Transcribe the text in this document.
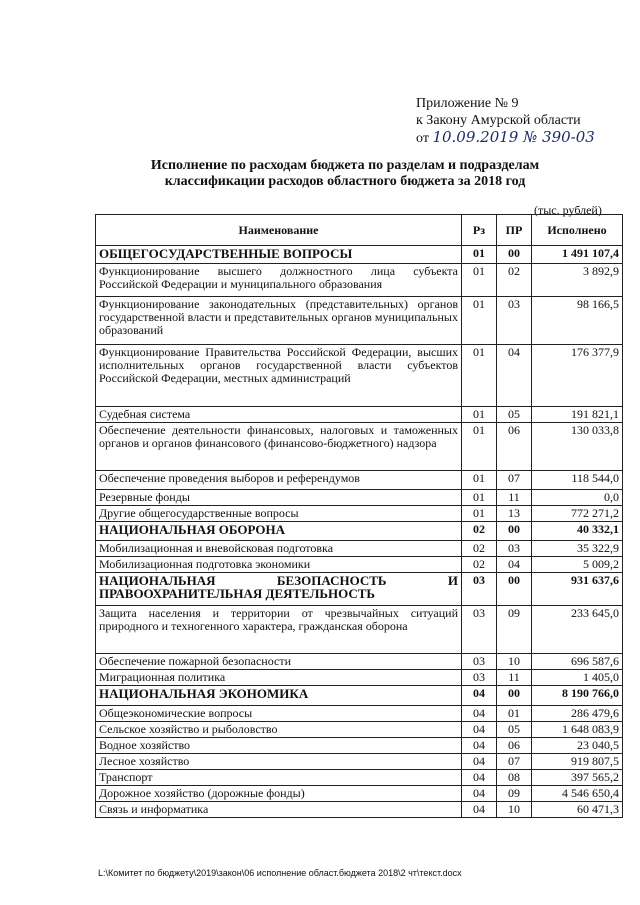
Приложение № 9
к Закону Амурской области
от 10.09.2019 № 390-03
Исполнение по расходам бюджета по разделам и подразделам
классификации расходов областного бюджета за 2018 год
(тыс. рублей)
Наименование	Рз	ПР	Исполнено
ОБЩЕГОСУДАРСТВЕННЫЕ ВОПРОСЫ	01	00	1 491 107,4
Функционирование высшего должностного лица субъекта Российской Федерации и муниципального образования	01	02	3 892,9
Функционирование законодательных (представительных) органов государственной власти и представительных органов муниципальных образований	01	03	98 166,5
Функционирование Правительства Российской Федерации, высших исполнительных органов государственной власти субъектов Российской Федерации, местных администраций	01	04	176 377,9
Судебная система	01	05	191 821,1
Обеспечение деятельности финансовых, налоговых и таможенных органов и органов финансового (финансово-бюджетного) надзора	01	06	130 033,8
Обеспечение проведения выборов и референдумов	01	07	118 544,0
Резервные фонды	01	11	0,0
Другие общегосударственные вопросы	01	13	772 271,2
НАЦИОНАЛЬНАЯ ОБОРОНА	02	00	40 332,1
Мобилизационная и вневойсковая подготовка	02	03	35 322,9
Мобилизационная подготовка экономики	02	04	5 009,2
НАЦИОНАЛЬНАЯ БЕЗОПАСНОСТЬ И ПРАВООХРАНИТЕЛЬНАЯ ДЕЯТЕЛЬНОСТЬ	03	00	931 637,6
Защита населения и территории от чрезвычайных ситуаций природного и техногенного характера, гражданская оборона	03	09	233 645,0
Обеспечение пожарной безопасности	03	10	696 587,6
Миграционная политика	03	11	1 405,0
НАЦИОНАЛЬНАЯ ЭКОНОМИКА	04	00	8 190 766,0
Общеэкономические вопросы	04	01	286 479,6
Сельское хозяйство и рыболовство	04	05	1 648 083,9
Водное хозяйство	04	06	23 040,5
Лесное хозяйство	04	07	919 807,5
Транспорт	04	08	397 565,2
Дорожное хозяйство (дорожные фонды)	04	09	4 546 650,4
Связь и информатика	04	10	60 471,3
L:\Комитет по бюджету\2019\закон\06 исполнение област.бюджета 2018\2 чт\текст.docx
